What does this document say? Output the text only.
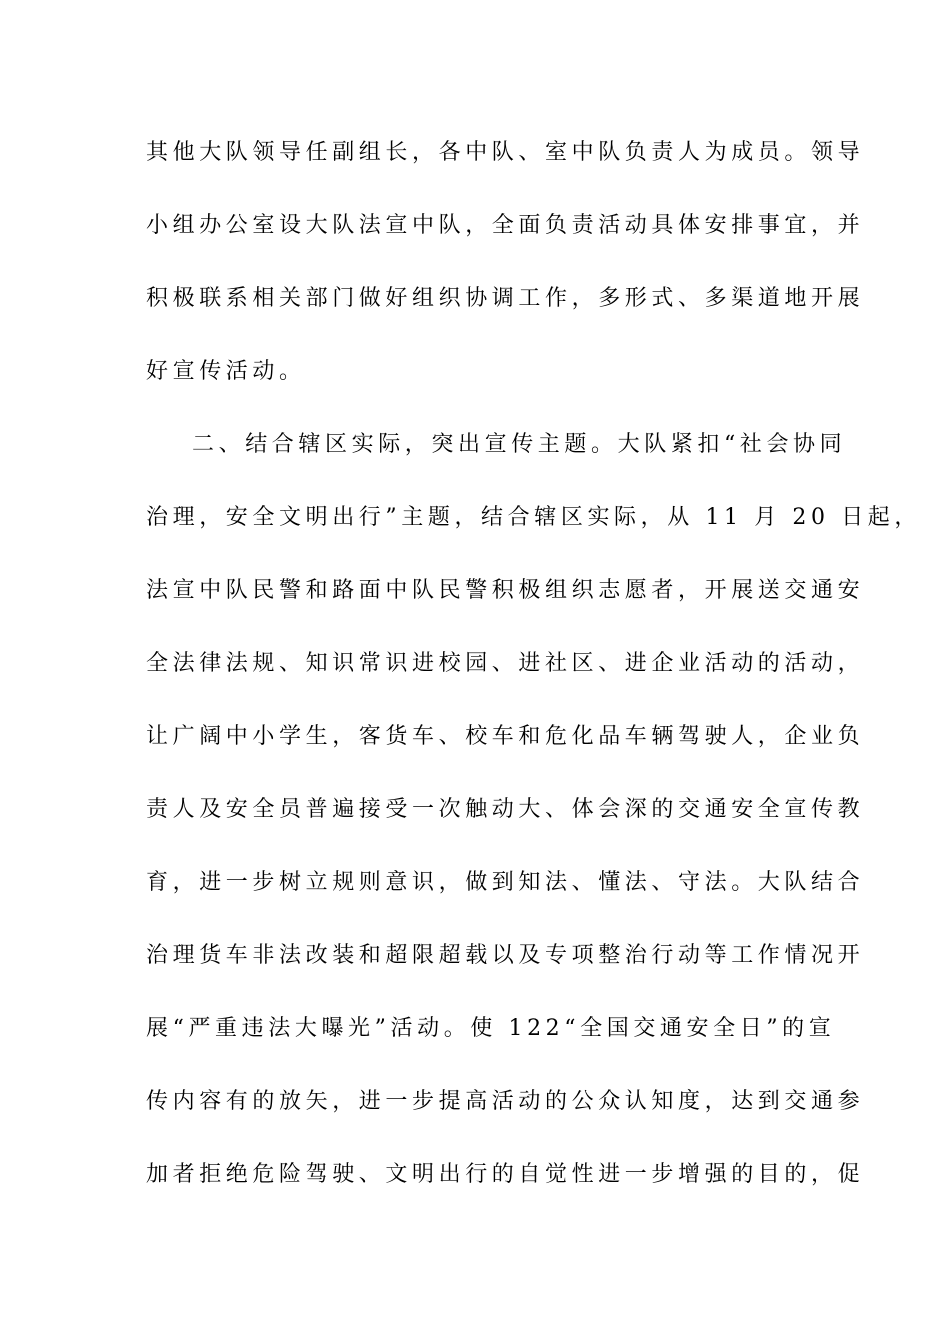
其他大队领导任副组长，各中队、室中队负责人为成员。领导
小组办公室设大队法宣中队，全面负责活动具体安排事宜，并
积极联系相关部门做好组织协调工作，多形式、多渠道地开展
好宣传活动。
二、结合辖区实际，突出宣传主题。大队紧扣“社会协同
治理，安全文明出行”主题，结合辖区实际，从 11 月 20 日起，
法宣中队民警和路面中队民警积极组织志愿者，开展送交通安
全法律法规、知识常识进校园、进社区、进企业活动的活动，
让广阔中小学生，客货车、校车和危化品车辆驾驶人，企业负
责人及安全员普遍接受一次触动大、体会深的交通安全宣传教
育，进一步树立规则意识，做到知法、懂法、守法。大队结合
治理货车非法改装和超限超载以及专项整治行动等工作情况开
展“严重违法大曝光”活动。使 122“全国交通安全日”的宣
传内容有的放矢，进一步提高活动的公众认知度，达到交通参
加者拒绝危险驾驶、文明出行的自觉性进一步增强的目的，促
